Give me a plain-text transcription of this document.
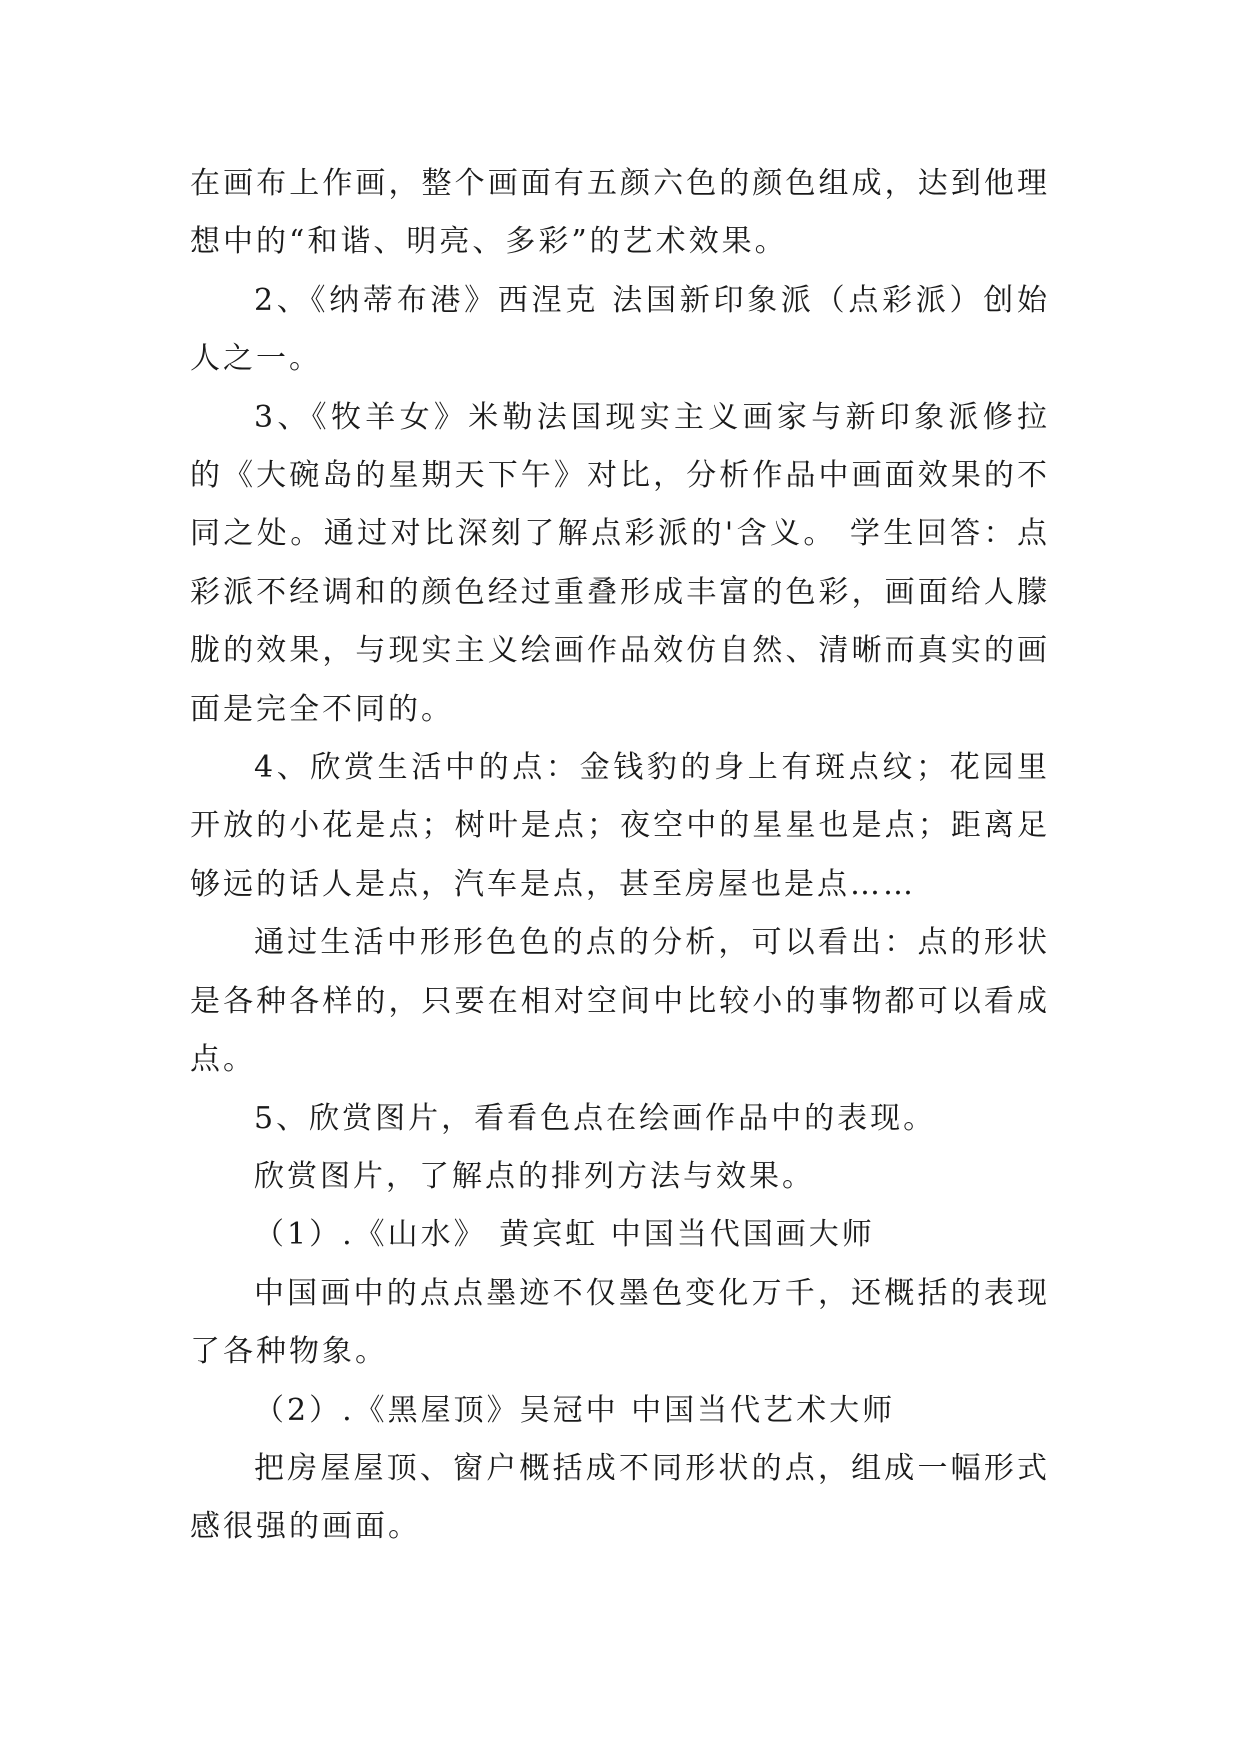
在画布上作画，整个画面有五颜六色的颜色组成，达到他理想中的“和谐、明亮、多彩”的艺术效果。

2、《纳蒂布港》西涅克 法国新印象派（点彩派）创始人之一。

3、《牧羊女》米勒法国现实主义画家与新印象派修拉的《大碗岛的星期天下午》对比，分析作品中画面效果的不同之处。通过对比深刻了解点彩派的'含义。 学生回答：点彩派不经调和的颜色经过重叠形成丰富的色彩，画面给人朦胧的效果，与现实主义绘画作品效仿自然、清晰而真实的画面是完全不同的。

4、欣赏生活中的点：金钱豹的身上有斑点纹；花园里开放的小花是点；树叶是点；夜空中的星星也是点；距离足够远的话人是点，汽车是点，甚至房屋也是点……

通过生活中形形色色的点的分析，可以看出：点的形状是各种各样的，只要在相对空间中比较小的事物都可以看成点。

5、欣赏图片，看看色点在绘画作品中的表现。

欣赏图片，了解点的排列方法与效果。

（1）.《山水》 黄宾虹 中国当代国画大师

中国画中的点点墨迹不仅墨色变化万千，还概括的表现了各种物象。

（2）.《黑屋顶》吴冠中 中国当代艺术大师

把房屋屋顶、窗户概括成不同形状的点，组成一幅形式感很强的画面。
